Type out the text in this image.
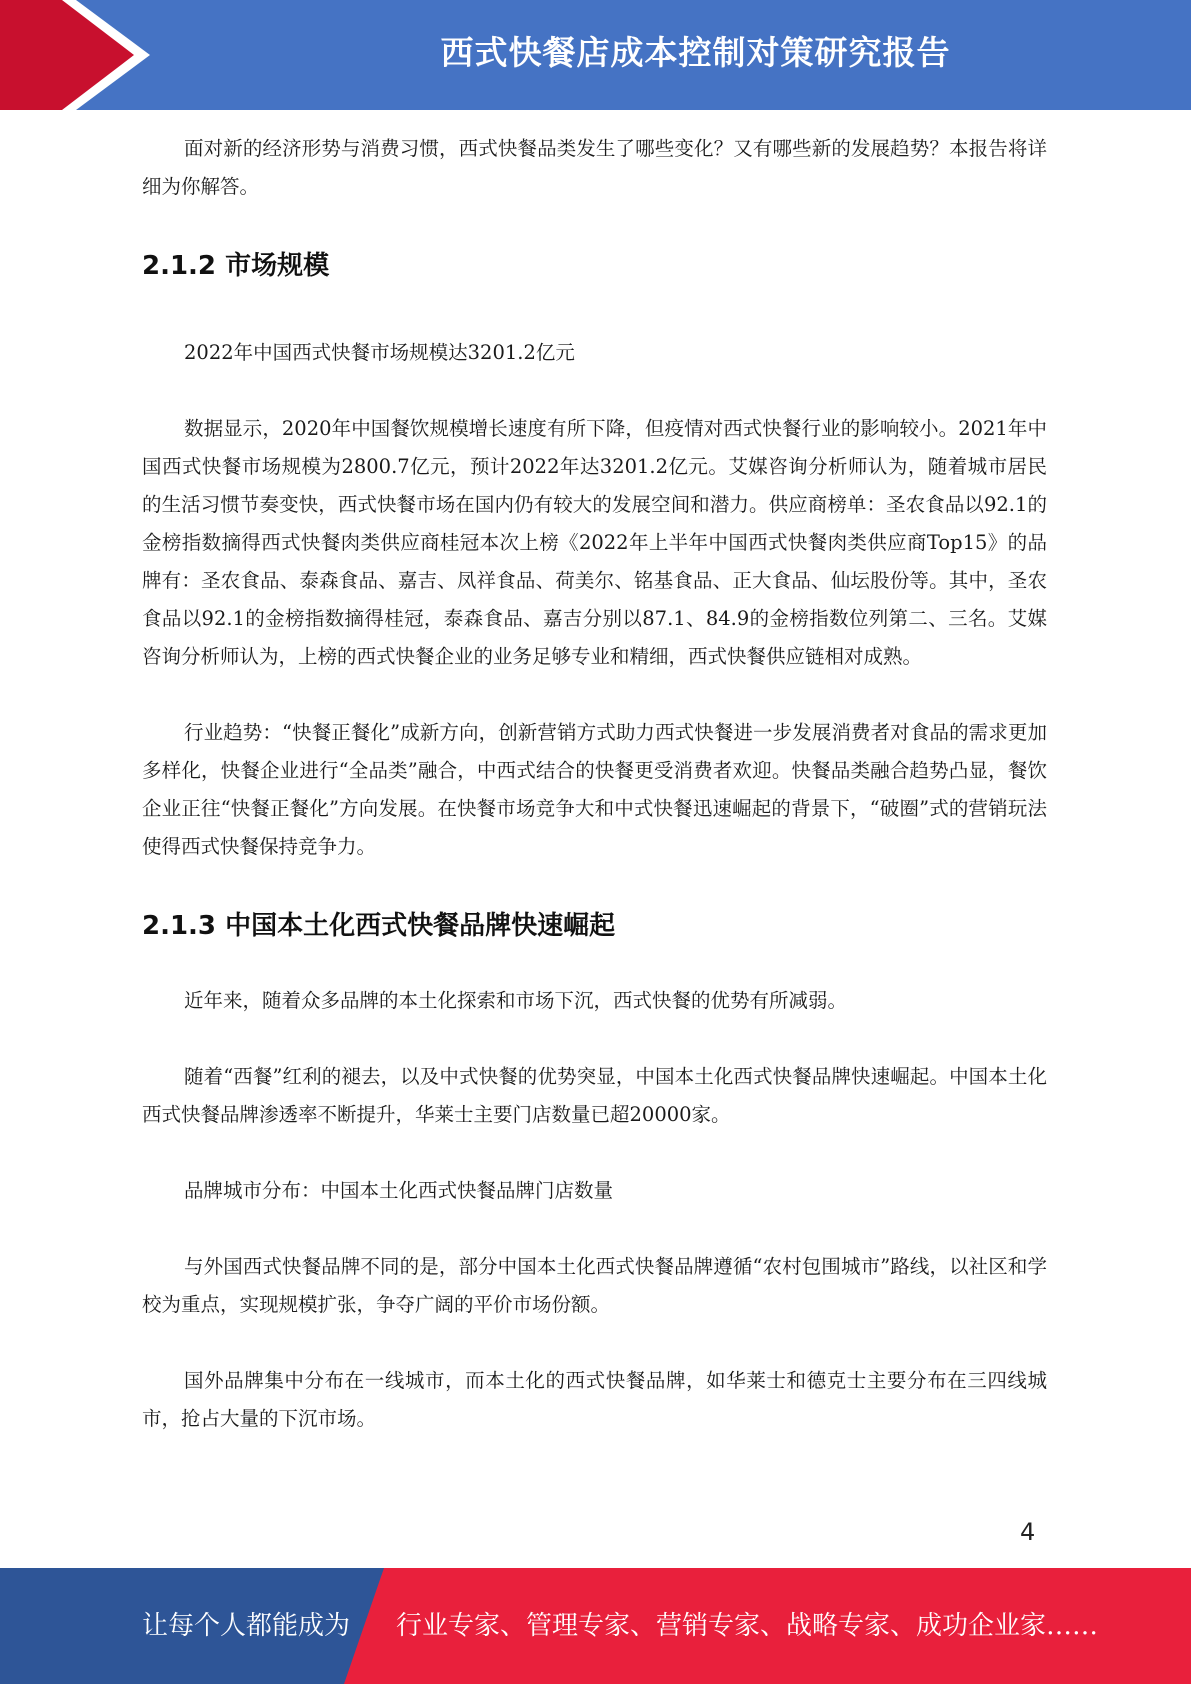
西式快餐店成本控制对策研究报告

面对新的经济形势与消费习惯，西式快餐品类发生了哪些变化？又有哪些新的发展趋势？本报告将详细为你解答。

2.1.2 市场规模

2022年中国西式快餐市场规模达3201.2亿元

数据显示，2020年中国餐饮规模增长速度有所下降，但疫情对西式快餐行业的影响较小。2021年中国西式快餐市场规模为2800.7亿元，预计2022年达3201.2亿元。艾媒咨询分析师认为，随着城市居民的生活习惯节奏变快，西式快餐市场在国内仍有较大的发展空间和潜力。供应商榜单：圣农食品以92.1的金榜指数摘得西式快餐肉类供应商桂冠本次上榜《2022年上半年中国西式快餐肉类供应商Top15》的品牌有：圣农食品、泰森食品、嘉吉、凤祥食品、荷美尔、铭基食品、正大食品、仙坛股份等。其中，圣农食品以92.1的金榜指数摘得桂冠，泰森食品、嘉吉分别以87.1、84.9的金榜指数位列第二、三名。艾媒咨询分析师认为，上榜的西式快餐企业的业务足够专业和精细，西式快餐供应链相对成熟。

行业趋势：“快餐正餐化”成新方向，创新营销方式助力西式快餐进一步发展消费者对食品的需求更加多样化，快餐企业进行“全品类”融合，中西式结合的快餐更受消费者欢迎。快餐品类融合趋势凸显，餐饮企业正往“快餐正餐化”方向发展。在快餐市场竞争大和中式快餐迅速崛起的背景下，“破圈”式的营销玩法使得西式快餐保持竞争力。

2.1.3 中国本土化西式快餐品牌快速崛起

近年来，随着众多品牌的本土化探索和市场下沉，西式快餐的优势有所减弱。

随着“西餐”红利的褪去，以及中式快餐的优势突显，中国本土化西式快餐品牌快速崛起。中国本土化西式快餐品牌渗透率不断提升，华莱士主要门店数量已超20000家。

品牌城市分布：中国本土化西式快餐品牌门店数量

与外国西式快餐品牌不同的是，部分中国本土化西式快餐品牌遵循“农村包围城市”路线，以社区和学校为重点，实现规模扩张，争夺广阔的平价市场份额。

国外品牌集中分布在一线城市，而本土化的西式快餐品牌，如华莱士和德克士主要分布在三四线城市，抢占大量的下沉市场。

4
让每个人都能成为 行业专家、管理专家、营销专家、战略专家、成功企业家……
